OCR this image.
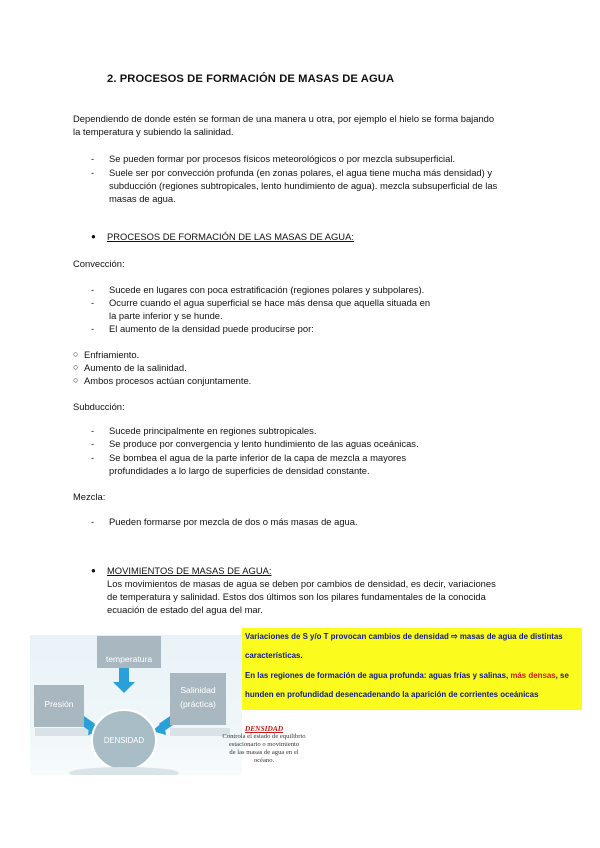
2. PROCESOS DE FORMACIÓN DE MASAS DE AGUA
Dependiendo de donde estén se forman de una manera u otra, por ejemplo el hielo se forma bajando
la temperatura y subiendo la salinidad.
- Se pueden formar por procesos físicos meteorológicos o por mezcla subsuperficial.
- Suele ser por convección profunda (en zonas polares, el agua tiene mucha más densidad) y
subducción (regiones subtropicales, lento hundimiento de agua). mezcla subsuperficial de las
masas de agua.
● PROCESOS DE FORMACIÓN DE LAS MASAS DE AGUA:
Convección:
- Sucede en lugares con poca estratificación (regiones polares y subpolares).
- Ocurre cuando el agua superficial se hace más densa que aquella situada en
la parte inferior y se hunde.
- El aumento de la densidad puede producirse por:
○ Enfriamiento.
○ Aumento de la salinidad.
○ Ambos procesos actúan conjuntamente.
Subducción:
- Sucede principalmente en regiones subtropicales.
- Se produce por convergencia y lento hundimiento de las aguas oceánicas.
- Se bombea el agua de la parte inferior de la capa de mezcla a mayores
profundidades a lo largo de superficies de densidad constante.
Mezcla:
- Pueden formarse por mezcla de dos o más masas de agua.
● MOVIMIENTOS DE MASAS DE AGUA:
Los movimientos de masas de agua se deben por cambios de densidad, es decir, variaciones
de temperatura y salinidad. Estos dos últimos son los pilares fundamentales de la conocida
ecuación de estado del agua del mar.
temperatura
Presión
Salinidad
(práctica)
DENSIDAD
Variaciones de S y/o T provocan cambios de densidad ⇨ masas de agua de distintas
características.
En las regiones de formación de agua profunda: aguas frías y salinas, más densas, se
hunden en profundidad desencadenando la aparición de corrientes oceánicas
DENSIDAD
Controla el estado de equilibrio
estacionario o movimiento
de las masas de agua en el
océano.
